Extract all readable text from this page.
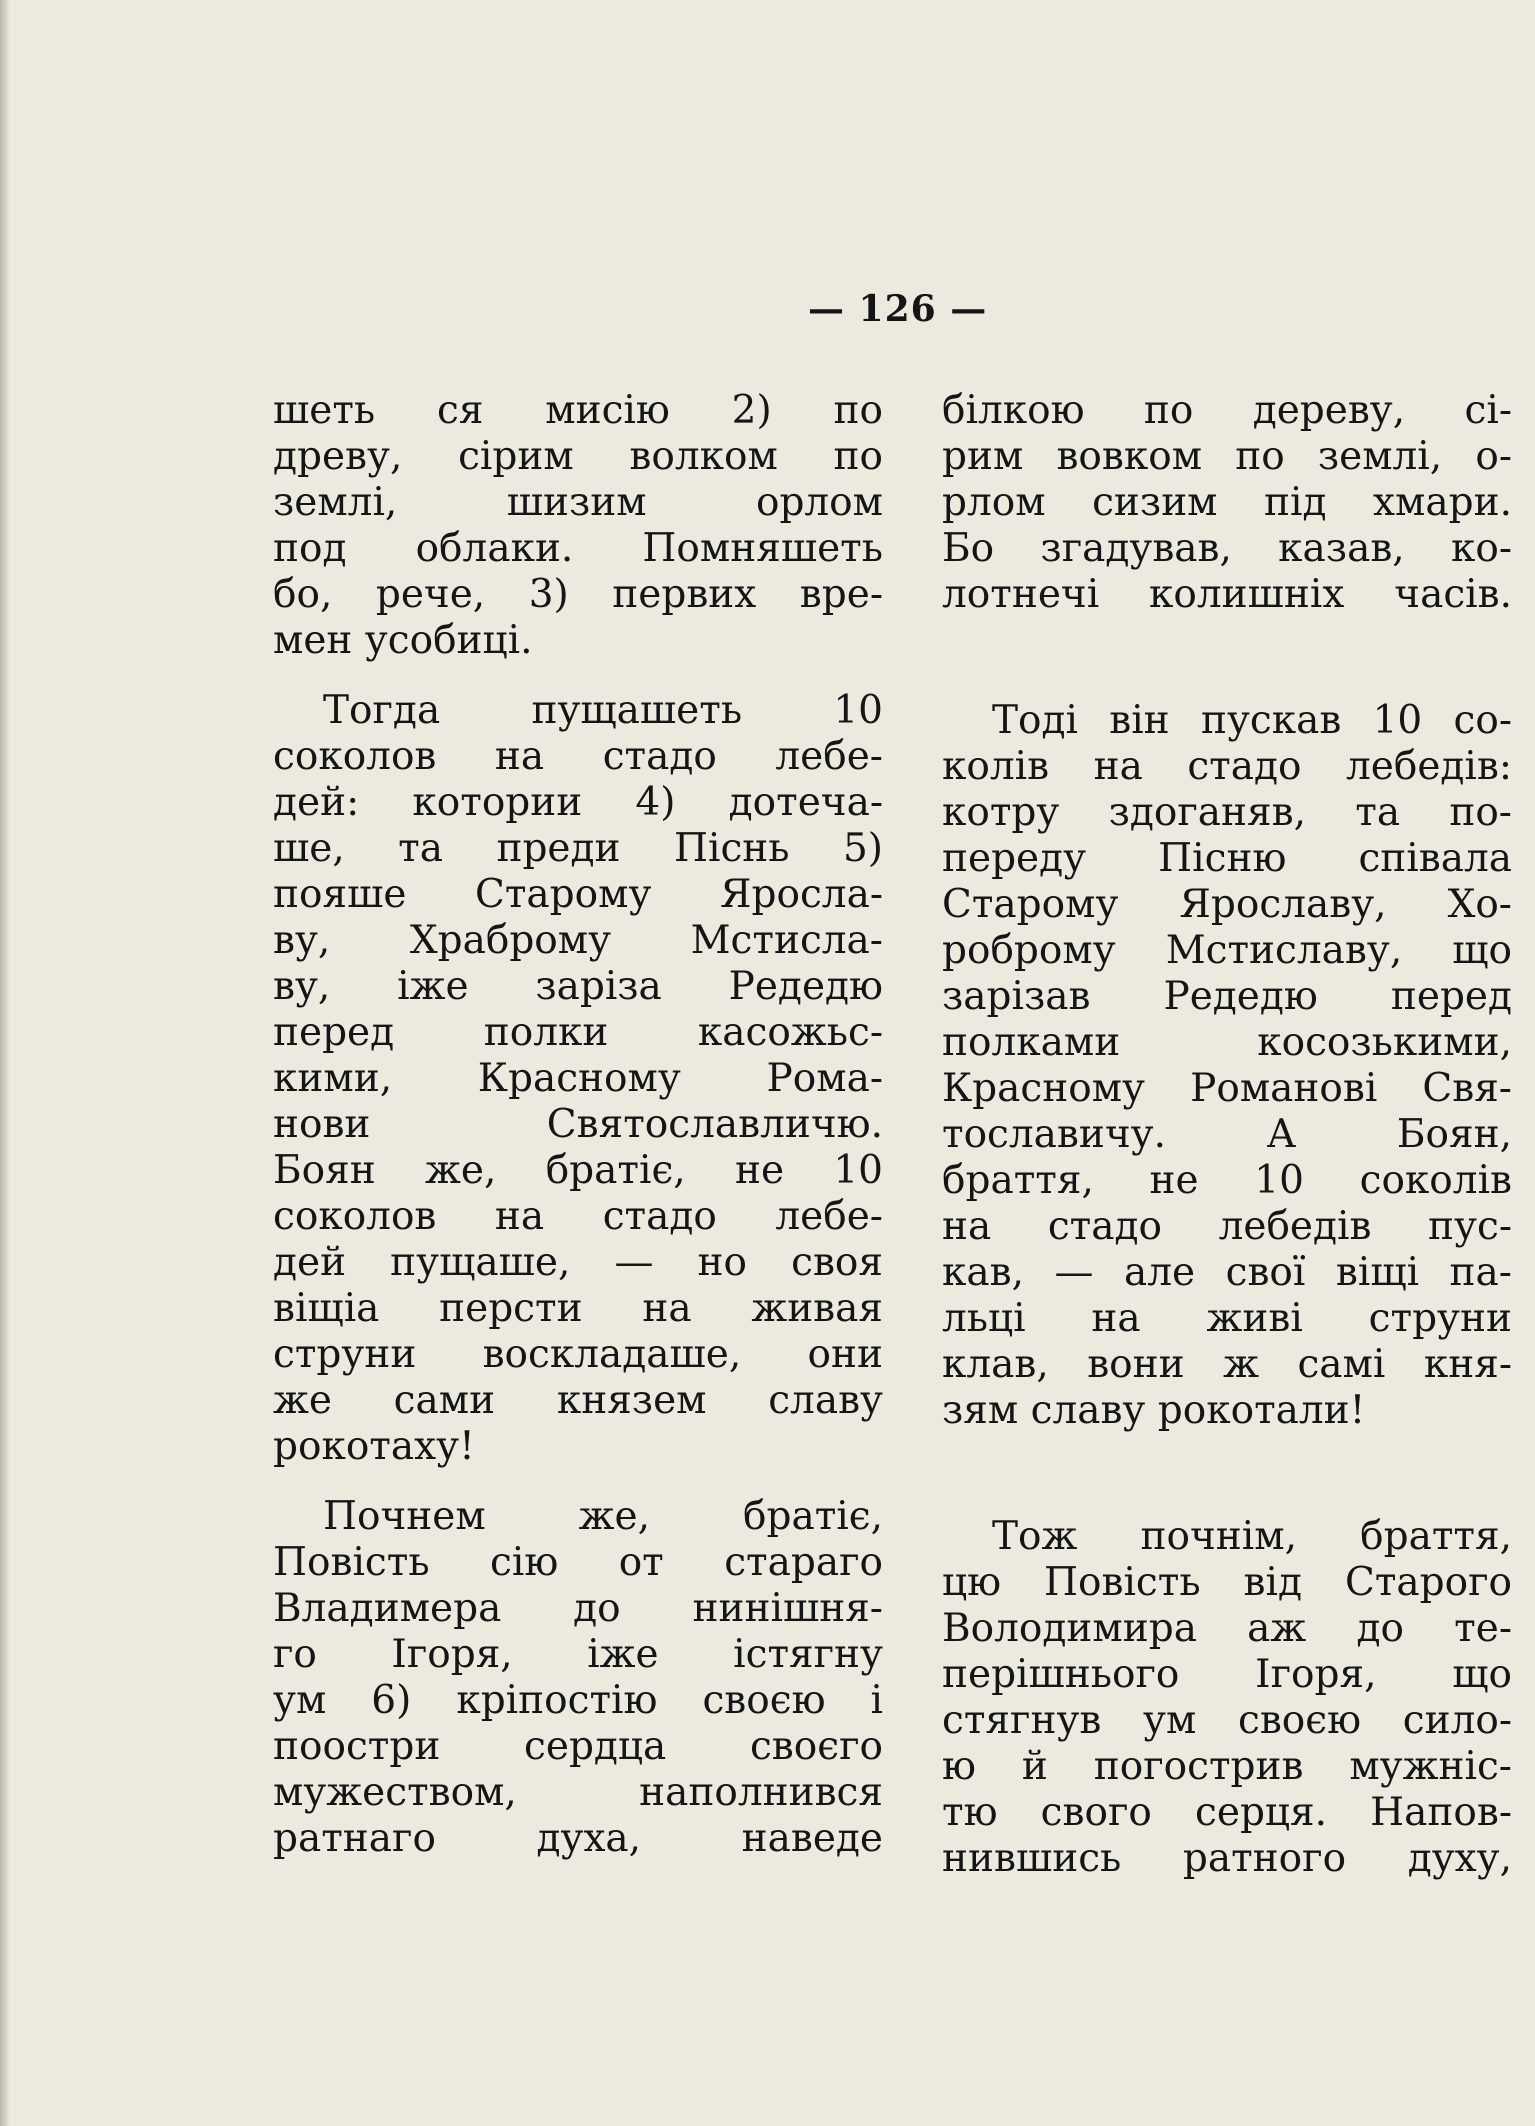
— 126 —
шеть ся мисію 2) по
древу, сірим волком по
землі, шизим орлом
под облаки. Помняшеть
бо, рече, 3) первих вре-
мен усобиці.
Тогда пущашеть 10
соколов на стадо лебе-
дей: котории 4) дотеча-
ше, та преди Піснь 5)
пояше Старому Яросла-
ву, Храброму Мстисла-
ву, іже заріза Редедю
перед полки касожьс-
кими, Красному Рома-
нови Святославличю.
Боян же, братіє, не 10
соколов на стадо лебе-
дей пущаше, — но своя
віщіа персти на живая
струни воскладаше, они
же сами князем славу
рокотаху!
Почнем же, братіє,
Повість сію от стараго
Владимера до нинішня-
го Ігоря, іже істягну
ум 6) кріпостію своєю і
поостри сердца своєго
мужеством, наполнився
ратнаго духа, наведе
білкою по дереву, сі-
рим вовком по землі, о-
рлом сизим під хмари.
Бо згадував, казав, ко-
лотнечі колишніх часів.
Тоді він пускав 10 со-
колів на стадо лебедів:
котру здоганяв, та по-
переду Пісню співала
Старому Ярославу, Хо-
роброму Мстиславу, що
зарізав Редедю перед
полками косозькими,
Красному Романові Свя-
тославичу. А Боян,
браття, не 10 соколів
на стадо лебедів пус-
кав, — але свої віщі па-
льці на живі струни
клав, вони ж самі кня-
зям славу рокотали!
Тож почнім, браття,
цю Повість від Старого
Володимира аж до те-
перішнього Ігоря, що
стягнув ум своєю сило-
ю й погострив мужніс-
тю свого серця. Напов-
нившись ратного духу,
